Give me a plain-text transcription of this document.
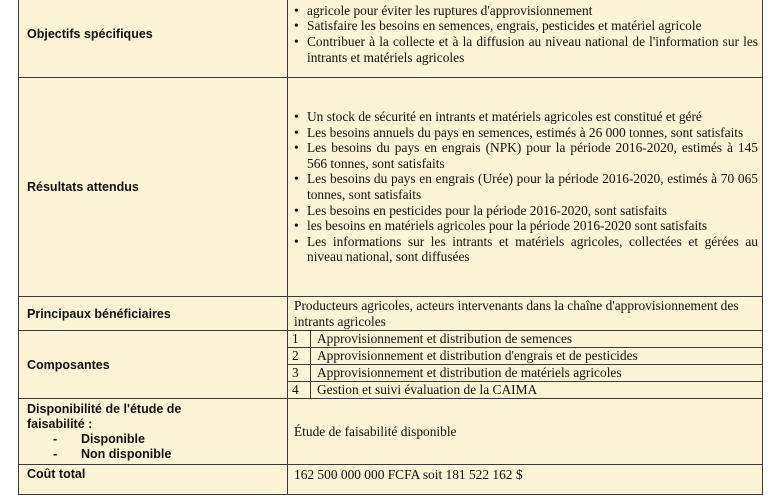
Objectifs spécifiques	
• agricole pour éviter les ruptures d'approvisionnement
• Satisfaire les besoins en semences, engrais, pesticides et matériel agricole
• Contribuer à la collecte et à la diffusion au niveau national de l'information sur les intrants et matériels agricoles

Résultats attendus	
• Un stock de sécurité en intrants et matériels agricoles est constitué et géré
• Les besoins annuels du pays en semences, estimés à 26 000 tonnes, sont satisfaits
• Les besoins du pays en engrais (NPK) pour la période 2016-2020, estimés à 145 566 tonnes, sont satisfaits
• Les besoins du pays en engrais (Urée) pour la période 2016-2020, estimés à 70 065 tonnes, sont satisfaits
• Les besoins en pesticides pour la période 2016-2020, sont satisfaits
• les besoins en matériels agricoles pour la période 2016-2020 sont satisfaits
• Les informations sur les intrants et matériels agricoles, collectées et gérées au niveau national, sont diffusées

Principaux bénéficiaires	Producteurs agricoles, acteurs intervenants dans la chaîne d'approvisionnement des intrants agricoles
Composantes	
1	Approvisionnement et distribution de semences
2	Approvisionnement et distribution d'engrais et de pesticides
3	Approvisionnement et distribution de matériels agricoles
4	Gestion et suivi évaluation de la CAIMA

Disponibilité de l'étude de
faisabilité :
- Disponible
- Non disponible
	Étude de faisabilité disponible
Coût total	162 500 000 000 FCFA soit 181 522 162 $
